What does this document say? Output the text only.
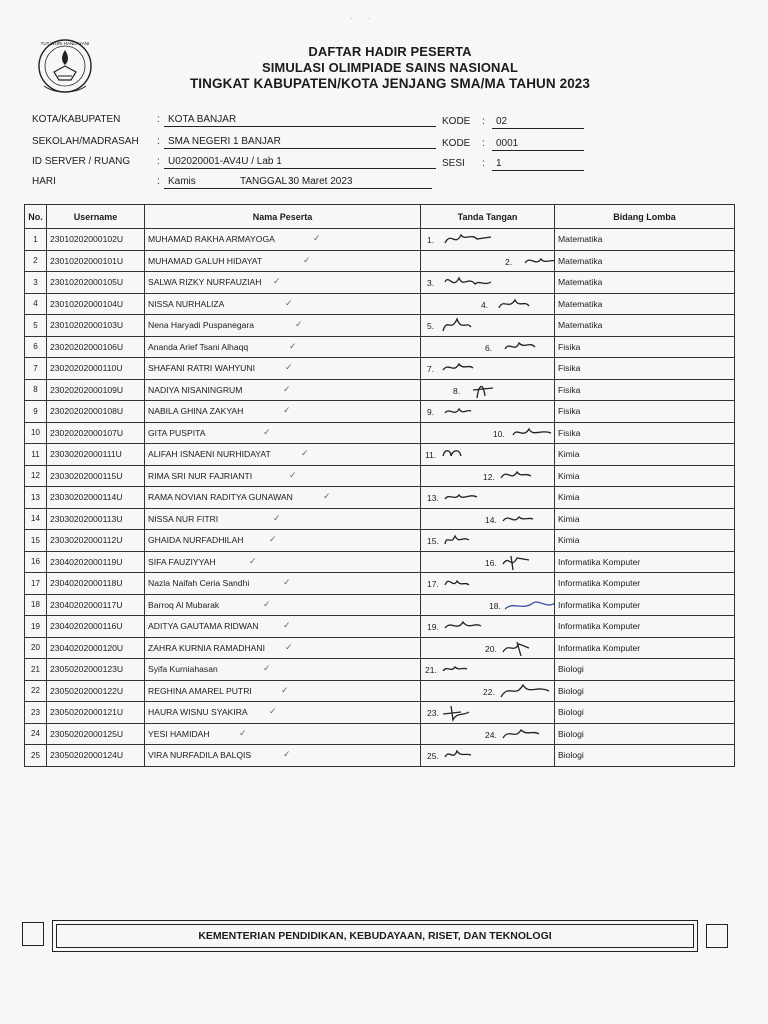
· ·
TUT WURI HANDAYANI
DAFTAR HADIR PESERTA
SIMULASI OLIMPIADE SAINS NASIONAL
TINGKAT KABUPATEN/KOTA JENJANG SMA/MA TAHUN 2023
KOTA/KABUPATEN	: KOTA BANJAR	KODE : 02
SEKOLAH/MADRASAH : SMA NEGERI 1 BANJAR	KODE : 0001
ID SERVER / RUANG	: U02020001-AV4U / Lab 1	SESI : 1
HARI	: Kamis	TANGGAL :
30 Maret 2023
No.	Username	Nama Peserta	Tanda Tangan	Bidang Lomba
1	23010202000102U	MUHAMAD RAKHA ARMAYOGA ✓	1.	Matematika
2	23010202000101U	MUHAMAD GALUH HIDAYAT ✓	2.	Matematika
3	23010202000105U	SALWA RIZKY NURFAUZIAH ✓	3.	Matematika
4	23010202000104U	NISSA NURHALIZA ✓	4.	Matematika
5	23010202000103U	Nena Haryadi Puspanegara ✓	5.	Matematika
6	23020202000106U	Ananda Arief Tsani Alhaqq ✓	6.	Fisika
7	23020202000110U	SHAFANI RATRI WAHYUNI ✓	7.	Fisika
8	23020202000109U	NADIYA NISANINGRUM ✓	8.	Fisika
9	23020202000108U	NABILA GHINA ZAKYAH ✓	9.	Fisika
10	23020202000107U	GITA PUSPITA ✓	10.	Fisika
11	23030202000111U	ALIFAH ISNAENI NURHIDAYAT ✓	11.	Kimia
12	23030202000115U	RIMA SRI NUR FAJRIANTI ✓	12.	Kimia
13	23030202000114U	RAMA NOVIAN RADITYA GUNAWAN ✓	13.	Kimia
14	23030202000113U	NISSA NUR FITRI ✓	14.	Kimia
15	23030202000112U	GHAIDA NURFADHILAH ✓	15.	Kimia
16	23040202000119U	SIFA FAUZIYYAH ✓	16.	Informatika Komputer
17	23040202000118U	Nazla Naifah Ceria Sandhi ✓	17.	Informatika Komputer
18	23040202000117U	Barroq Al Mubarak ✓	18.	Informatika Komputer
19	23040202000116U	ADITYA GAUTAMA RIDWAN ✓	19.	Informatika Komputer
20	23040202000120U	ZAHRA KURNIA RAMADHANI ✓	20.	Informatika Komputer
21	23050202000123U	Syifa Kurniahasan ✓	21.	Biologi
22	23050202000122U	REGHINA AMAREL PUTRI ✓	22.	Biologi
23	23050202000121U	HAURA WISNU SYAKIRA ✓	23.	Biologi
24	23050202000125U	YESI HAMIDAH ✓	24.	Biologi
25	23050202000124U	VIRA NURFADILA BALQIS ✓	25.	Biologi
KEMENTERIAN PENDIDIKAN, KEBUDAYAAN, RISET, DAN TEKNOLOGI
